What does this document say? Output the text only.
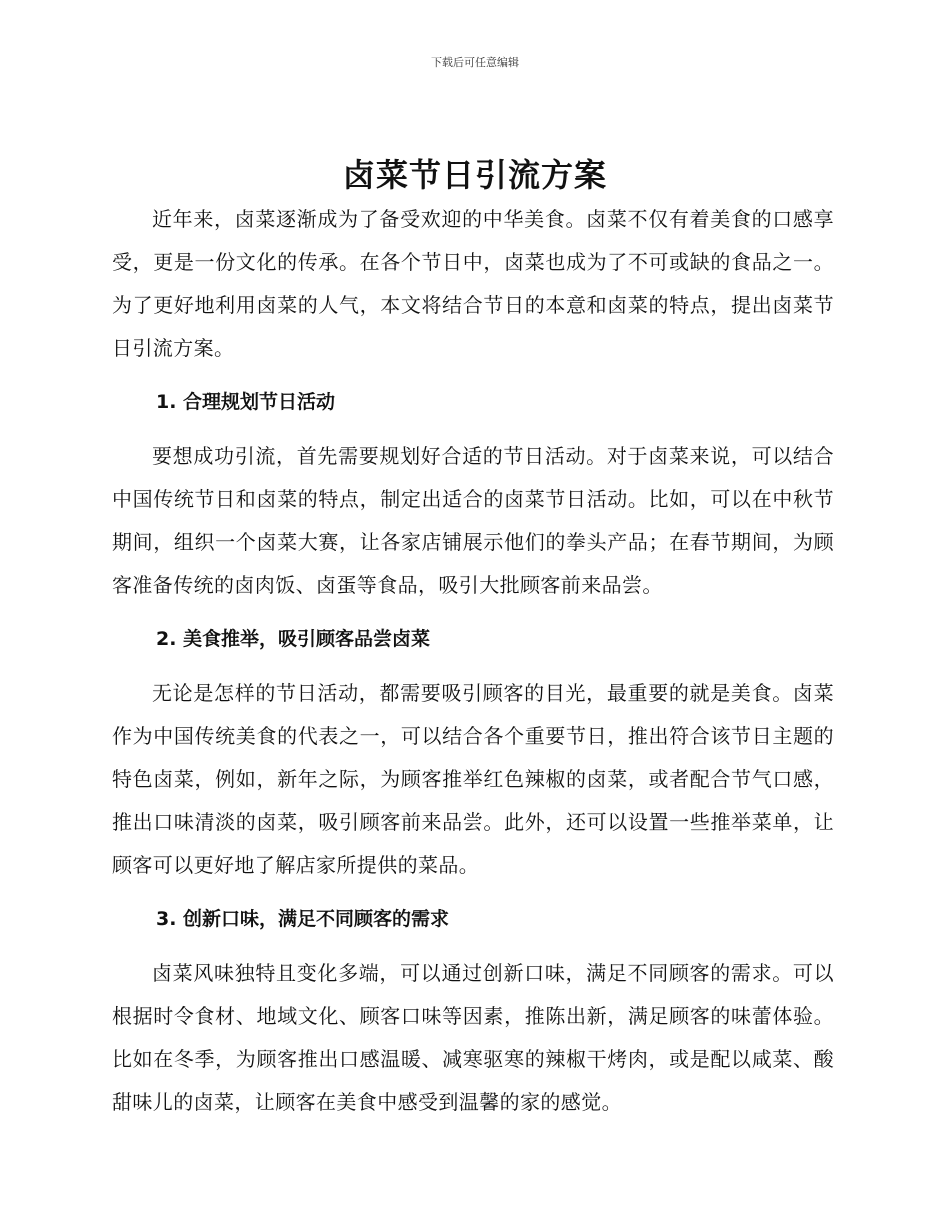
下载后可任意编辑
卤菜节日引流方案

近年来，卤菜逐渐成为了备受欢迎的中华美食。卤菜不仅有着美食的口感享受，更是一份文化的传承。在各个节日中，卤菜也成为了不可或缺的食品之一。为了更好地利用卤菜的人气，本文将结合节日的本意和卤菜的特点，提出卤菜节日引流方案。

1. 合理规划节日活动

要想成功引流，首先需要规划好合适的节日活动。对于卤菜来说，可以结合中国传统节日和卤菜的特点，制定出适合的卤菜节日活动。比如，可以在中秋节期间，组织一个卤菜大赛，让各家店铺展示他们的拳头产品；在春节期间，为顾客准备传统的卤肉饭、卤蛋等食品，吸引大批顾客前来品尝。

2. 美食推举，吸引顾客品尝卤菜

无论是怎样的节日活动，都需要吸引顾客的目光，最重要的就是美食。卤菜作为中国传统美食的代表之一，可以结合各个重要节日，推出符合该节日主题的特色卤菜，例如，新年之际，为顾客推举红色辣椒的卤菜，或者配合节气口感，推出口味清淡的卤菜，吸引顾客前来品尝。此外，还可以设置一些推举菜单，让顾客可以更好地了解店家所提供的菜品。

3. 创新口味，满足不同顾客的需求

卤菜风味独特且变化多端，可以通过创新口味，满足不同顾客的需求。可以根据时令食材、地域文化、顾客口味等因素，推陈出新，满足顾客的味蕾体验。比如在冬季，为顾客推出口感温暖、减寒驱寒的辣椒干烤肉，或是配以咸菜、酸甜味儿的卤菜，让顾客在美食中感受到温馨的家的感觉。
